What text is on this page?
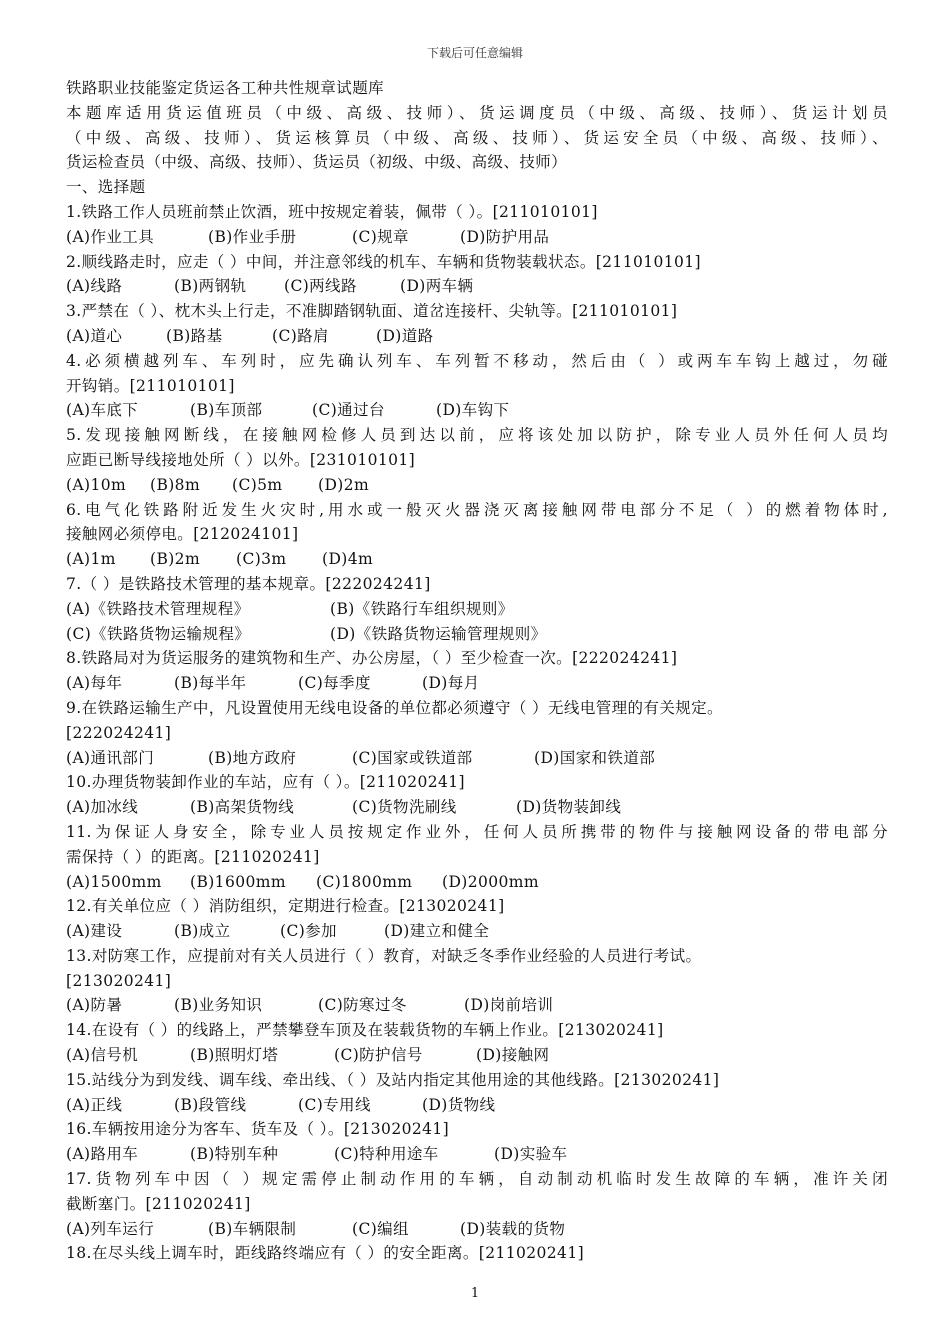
下载后可任意编辑
铁路职业技能鉴定货运各工种共性规章试题库
本题库适用货运值班员（中级、高级、技师）、货运调度员（中级、高级、技师）、货运计划员
（中级、高级、技师）、货运核算员（中级、高级、技师）、货运安全员（中级、高级、技师）、
货运检查员（中级、高级、技师）、货运员（初级、中级、高级、技师）
一、选择题
1.铁路工作人员班前禁止饮酒，班中按规定着装，佩带（ ）。[211010101]
(A)作业工具	(B)作业手册	(C)规章	(D)防护用品
2.顺线路走时，应走（ ）中间，并注意邻线的机车、车辆和货物装载状态。[211010101]
(A)线路	(B)两钢轨	(C)两线路	(D)两车辆
3.严禁在（ ）、枕木头上行走，不准脚踏钢轨面、道岔连接杆、尖轨等。[211010101]
(A)道心	(B)路基	(C)路肩	(D)道路
4.必须横越列车、车列时，应先确认列车、车列暂不移动，然后由（ ）或两车车钩上越过，勿碰
开钩销。[211010101]
(A)车底下	(B)车顶部	(C)通过台	(D)车钩下
5.发现接触网断线，在接触网检修人员到达以前，应将该处加以防护，除专业人员外任何人员均
应距已断导线接地处所（ ）以外。[231010101]
(A)10m	(B)8m	(C)5m	(D)2m
6.电气化铁路附近发生火灾时,用水或一般灭火器浇灭离接触网带电部分不足（ ）的燃着物体时,
接触网必须停电。[212024101]
(A)1m	(B)2m	(C)3m	(D)4m
7.（ ）是铁路技术管理的基本规章。[222024241]
(A)《铁路技术管理规程》	(B)《铁路行车组织规则》
(C)《铁路货物运输规程》	(D)《铁路货物运输管理规则》
8.铁路局对为货运服务的建筑物和生产、办公房屋，（ ）至少检查一次。[222024241]
(A)每年	(B)每半年	(C)每季度	(D)每月
9.在铁路运输生产中，凡设置使用无线电设备的单位都必须遵守（ ）无线电管理的有关规定。
[222024241]
(A)通讯部门	(B)地方政府	(C)国家或铁道部	(D)国家和铁道部
10.办理货物装卸作业的车站，应有（ ）。[211020241]
(A)加冰线	(B)高架货物线	(C)货物洗刷线	(D)货物装卸线
11.为保证人身安全，除专业人员按规定作业外，任何人员所携带的物件与接触网设备的带电部分
需保持（ ）的距离。[211020241]
(A)1500mm	(B)1600mm	(C)1800mm	(D)2000mm
12.有关单位应（ ）消防组织，定期进行检查。[213020241]
(A)建设	(B)成立	(C)参加	(D)建立和健全
13.对防寒工作，应提前对有关人员进行（ ）教育，对缺乏冬季作业经验的人员进行考试。
[213020241]
(A)防暑	(B)业务知识	(C)防寒过冬	(D)岗前培训
14.在设有（ ）的线路上，严禁攀登车顶及在装载货物的车辆上作业。[213020241]
(A)信号机	(B)照明灯塔	(C)防护信号	(D)接触网
15.站线分为到发线、调车线、牵出线、（ ）及站内指定其他用途的其他线路。[213020241]
(A)正线	(B)段管线	(C)专用线	(D)货物线
16.车辆按用途分为客车、货车及（ ）。[213020241]
(A)路用车	(B)特别车种	(C)特种用途车	(D)实验车
17.货物列车中因（ ）规定需停止制动作用的车辆，自动制动机临时发生故障的车辆，准许关闭
截断塞门。[211020241]
(A)列车运行	(B)车辆限制	(C)编组	(D)装载的货物
18.在尽头线上调车时，距线路终端应有（ ）的安全距离。[211020241]
1
